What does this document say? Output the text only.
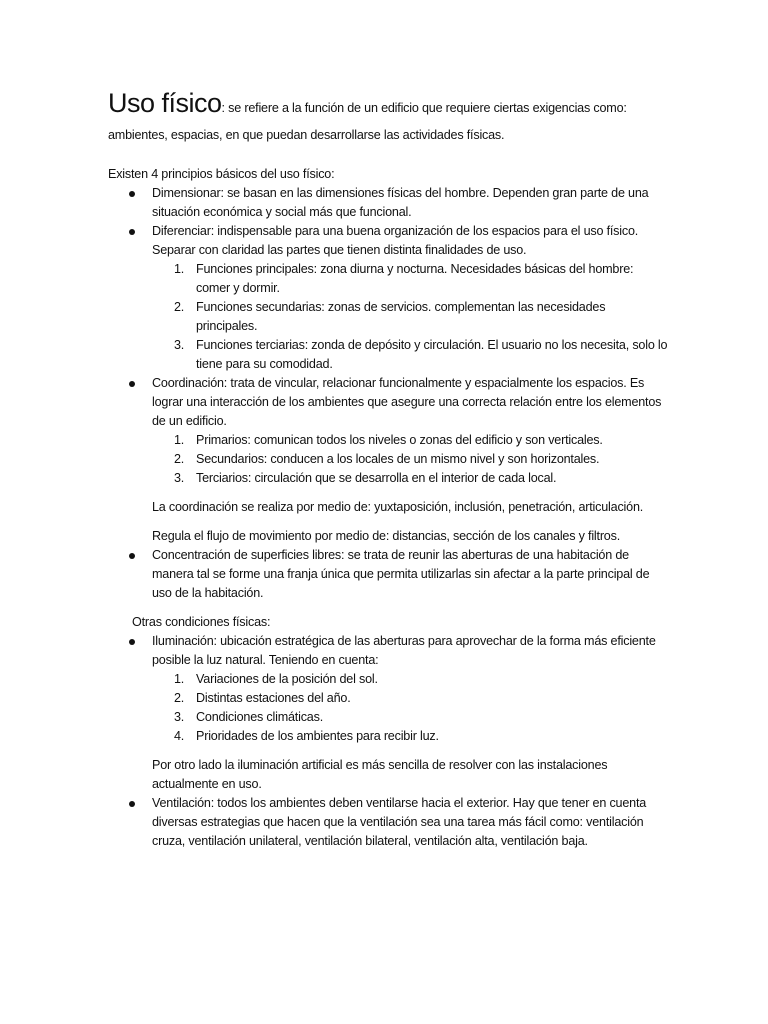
Uso físico: se refiere a la función de un edificio que requiere ciertas exigencias como:
ambientes, espacias, en que puedan desarrollarse las actividades físicas.

Existen 4 principios básicos del uso físico:

Dimensionar: se basan en las dimensiones físicas del hombre. Dependen gran parte de una situación económica y social más que funcional.
Diferenciar: indispensable para una buena organización de los espacios para el uso físico. Separar con claridad las partes que tienen distinta finalidades de uso.
1. Funciones principales: zona diurna y nocturna. Necesidades básicas del hombre: comer y dormir.
2. Funciones secundarias: zonas de servicios. complementan las necesidades principales.
3. Funciones terciarias: zonda de depósito y circulación. El usuario no los necesita, solo lo tiene para su comodidad.
Coordinación: trata de vincular, relacionar funcionalmente y espacialmente los espacios. Es lograr una interacción de los ambientes que asegure una correcta relación entre los elementos de un edificio.
1. Primarios: comunican todos los niveles o zonas del edificio y son verticales.
2. Secundarios: conducen a los locales de un mismo nivel y son horizontales.
3. Terciarios: circulación que se desarrolla en el interior de cada local.

La coordinación se realiza por medio de: yuxtaposición, inclusión, penetración, articulación.

Regula el flujo de movimiento por medio de: distancias, sección de los canales y filtros.

Concentración de superficies libres: se trata de reunir las aberturas de una habitación de manera tal se forme una franja única que permita utilizarlas sin afectar a la parte principal de uso de la habitación.

Otras condiciones físicas:

Iluminación: ubicación estratégica de las aberturas para aprovechar de la forma más eficiente posible la luz natural. Teniendo en cuenta:
1. Variaciones de la posición del sol.
2. Distintas estaciones del año.
3. Condiciones climáticas.
4. Prioridades de los ambientes para recibir luz.

Por otro lado la iluminación artificial es más sencilla de resolver con las instalaciones actualmente en uso.

Ventilación: todos los ambientes deben ventilarse hacia el exterior. Hay que tener en cuenta diversas estrategias que hacen que la ventilación sea una tarea más fácil como: ventilación cruza, ventilación unilateral, ventilación bilateral, ventilación alta, ventilación baja.
